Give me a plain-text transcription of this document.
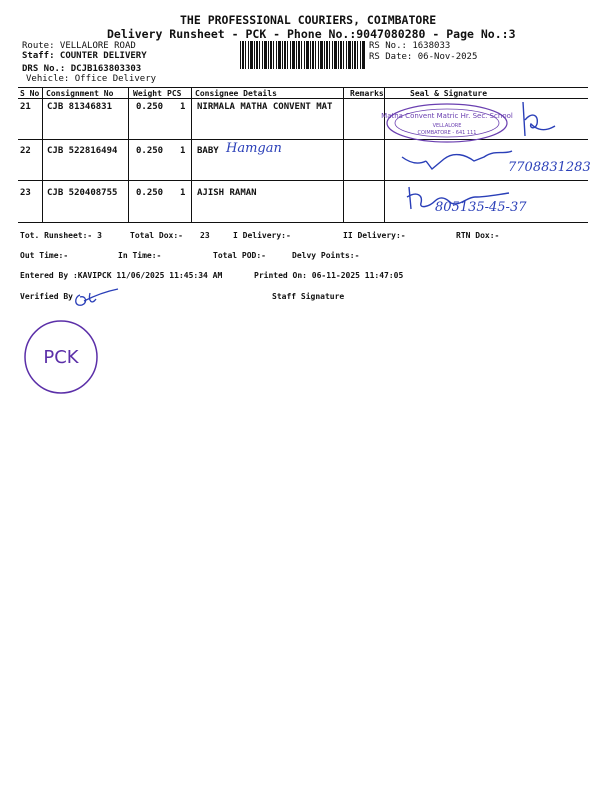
THE PROFESSIONAL COURIERS, COIMBATORE
Delivery Runsheet - PCK - Phone No.:9047080280 - Page No.:3
Route: VELLALORE ROAD
Staff: COUNTER DELIVERY
DRS No.: DCJB163803303
Vehicle: Office Delivery
RS No.: 1638033
RS Date: 06-Nov-2025
S No Consignment No Weight PCS Consignee Details	Remarks	Seal & Signature
21 CJB 81346831	0.250 1 NIRMALA MATHA CONVENT MAT
22 CJB 522816494 0.250 1 BABY Hamgan
23 CJB 520408755 0.250 1 AJISH RAMAN
Matha Convent Matric Hr. Sec. School
VELLALORE
COIMBATORE - 641 111
7708831283
805135-45-37
Tot. Runsheet:- 3	Total Dox:- 23	I Delivery:-	II Delivery:-	RTN Dox:-
Out Time:-	In Time:-	Total POD:-	Delvy Points:-
Entered By :KAVIPCK 11/06/2025 11:45:34 AM	Printed On: 06-11-2025 11:47:05
Verified By	Staff Signature
PCK
